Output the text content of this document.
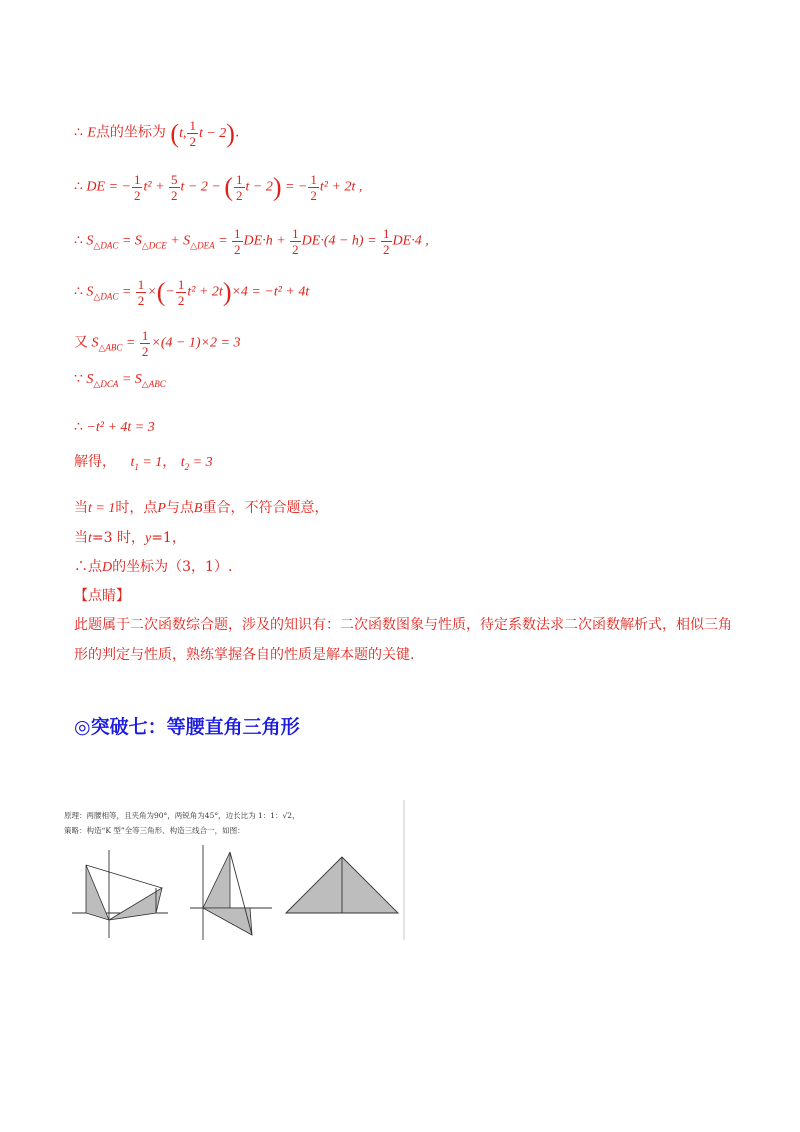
∴ E点的坐标为 (t, $\frac{1}{2}$ t − 2).
∴ DE = − $\frac{1}{2} t^2 + \frac{5}{2}$ t − 2 − ( $\frac{1}{2}$ t − 2) = − $\frac{1}{2} t^2 + 2t$ ,
∴ $S_{\triangle DAC} = S_{\triangle DCE} + S_{\triangle DEA} = \frac{1}{2} DE\cdot h + \frac{1}{2} DE\cdot(4 - h) = \frac{1}{2} DE\cdot 4$ ,
∴ $S_{\triangle DAC} = \frac{1}{2}$ ×(− $\frac{1}{2} t^2 + 2t)\times 4 = -t^2 + 4t$
又 $S_{\triangle ABC} = \frac{1}{2} \times(4 - 1)\times 2 = 3$
∵ $S_{\triangle DCA} = S_{\triangle ABC}$
∴ −t² + 4t = 3
解得， $t_1 = 1$， $t_2 = 3$
当t = 1时，点P与点B重合，不符合题意，
当t=3 时，y=1，
∴点D的坐标为（3，1）.
【点睛】
此题属于二次函数综合题，涉及的知识有：二次函数图象与性质，待定系数法求二次函数解析式，相似三角形的判定与性质，熟练掌握各自的性质是解本题的关键.
◎突破七：等腰直角三角形
原理：两腰相等，且夹角为90°，两锐角为45°，边长比为 1：1：√2，
策略：构造“K 型”全等三角形、构造三线合一，如图：
